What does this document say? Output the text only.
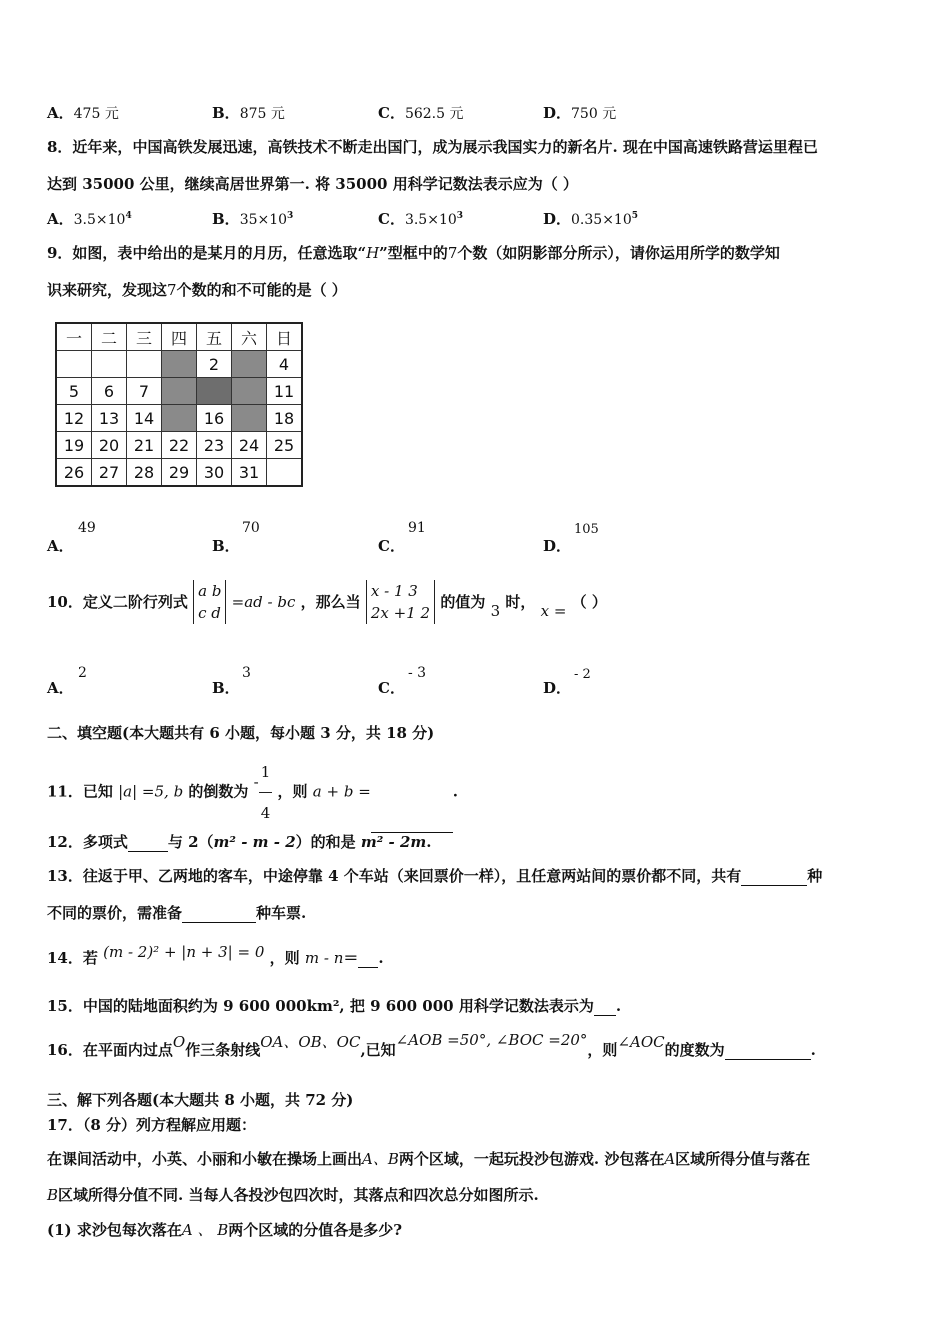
A．475 元	B．875 元	C．562.5 元	D．750 元
8．近年来，中国高铁发展迅速，高铁技术不断走出国门，成为展示我国实力的新名片. 现在中国高速铁路营运里程已
达到 35000 公里，继续高居世界第一. 将 35000 用科学记数法表示应为（ ）
A．$3.5\times 10^4$	B．$35\times 10^3$	C．$3.5\times 10^3$	D．$0.35\times 10^5$
9．如图，表中给出的是某月的月历，任意选取“H”型框中的7个数（如阴影部分所示），请你运用所学的数学知
识来研究，发现这7个数的和不可能的是（ ）
一	二	三	四	五	六	日
				2		4
5	6	7				11
12	13	14		16		18
19	20	21	22	23	24	25
26	27	28	29	30	31	
A．
49
B．
70
C．
91
D．
105
10．定义二阶行列式
a b
c d
=ad - bc ，那么当
x - 1 3
2x +1 2
的值为 3 时， x = （ ）
A．
2
B．
3
C．
- 3
D．
- 2
二、填空题(本大题共有 6 小题，每小题 3 分，共 18 分)
11．已知 |a| =5, b 的倒数为 - $\frac{1}{4}$ ，则 a + b =	.
12．多项式	与 2（m² - m - 2）的和是 m² - 2m.
13．往返于甲、乙两地的客车，中途停靠 4 个车站（来回票价一样），且任意两站间的票价都不同，共有	种
不同的票价，需准备	种车票.
14．若 (m - 2)² + |n + 3| = 0 ，则 m - n＝ .
15．中国的陆地面积约为 9 600 000km², 把 9 600 000 用科学记数法表示为 .
16．在平面内过点O作三条射线OA、OB、OC,已知∠AOB =50°, ∠BOC =20°，则∠AOC的度数为	.
三、解下列各题(本大题共 8 小题，共 72 分)
17．（8 分）列方程解应用题：
在课间活动中，小英、小丽和小敏在操场上画出A、B两个区域，一起玩投沙包游戏. 沙包落在A区域所得分值与落在
B区域所得分值不同. 当每人各投沙包四次时，其落点和四次总分如图所示.
(1) 求沙包每次落在A 、 B两个区域的分值各是多少?
